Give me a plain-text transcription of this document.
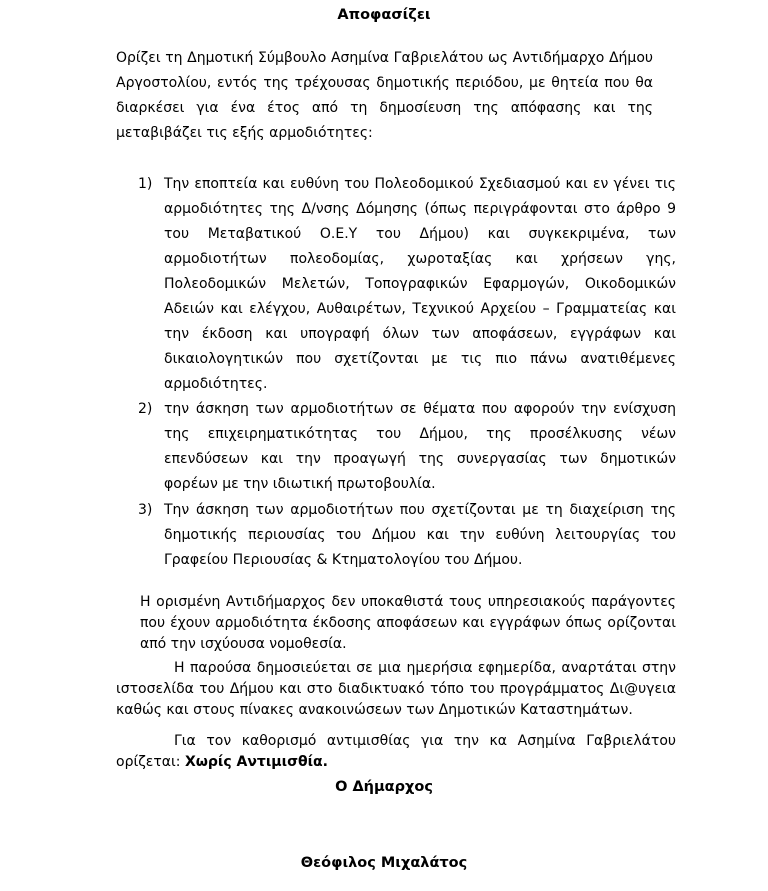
Αποφασίζει

Ορίζει τη Δημοτική Σύμβουλο Ασημίνα Γαβριελάτου ως Αντιδήμαρχο Δήμου Αργοστολίου, εντός της τρέχουσας δημοτικής περιόδου, με θητεία που θα διαρκέσει για ένα έτος από τη δημοσίευση της απόφασης και της μεταβιβάζει τις εξής αρμοδιότητες:

1) Την εποπτεία και ευθύνη του Πολεοδομικού Σχεδιασμού και εν γένει τις αρμοδιότητες της Δ/νσης Δόμησης (όπως περιγράφονται στο άρθρο 9 του Μεταβατικού Ο.Ε.Υ του Δήμου) και συγκεκριμένα, των αρμοδιοτήτων πολεοδομίας, χωροταξίας και χρήσεων γης, Πολεοδομικών Μελετών, Τοπογραφικών Εφαρμογών, Οικοδομικών Αδειών και ελέγχου, Αυθαιρέτων, Τεχνικού Αρχείου – Γραμματείας και την έκδοση και υπογραφή όλων των αποφάσεων, εγγράφων και δικαιολογητικών που σχετίζονται με τις πιο πάνω ανατιθέμενες αρμοδιότητες.

2) την άσκηση των αρμοδιοτήτων σε θέματα που αφορούν την ενίσχυση της επιχειρηματικότητας του Δήμου, της προσέλκυσης νέων επενδύσεων και την προαγωγή της συνεργασίας των δημοτικών φορέων με την ιδιωτική πρωτοβουλία.

3) Την άσκηση των αρμοδιοτήτων που σχετίζονται με τη διαχείριση της δημοτικής περιουσίας του Δήμου και την ευθύνη λειτουργίας του Γραφείου Περιουσίας & Κτηματολογίου του Δήμου.

Η ορισμένη Αντιδήμαρχος δεν υποκαθιστά τους υπηρεσιακούς παράγοντες που έχουν αρμοδιότητα έκδοσης αποφάσεων και εγγράφων όπως ορίζονται από την ισχύουσα νομοθεσία.

Η παρούσα δημοσιεύεται σε μια ημερήσια εφημερίδα, αναρτάται στην ιστοσελίδα του Δήμου και στο διαδικτυακό τόπο του προγράμματος Δι@υγεια καθώς και στους πίνακες ανακοινώσεων των Δημοτικών Καταστημάτων.

Για τον καθορισμό αντιμισθίας για την κα Ασημίνα Γαβριελάτου ορίζεται: Χωρίς Αντιμισθία.

Ο Δήμαρχος
Θεόφιλος Μιχαλάτος
